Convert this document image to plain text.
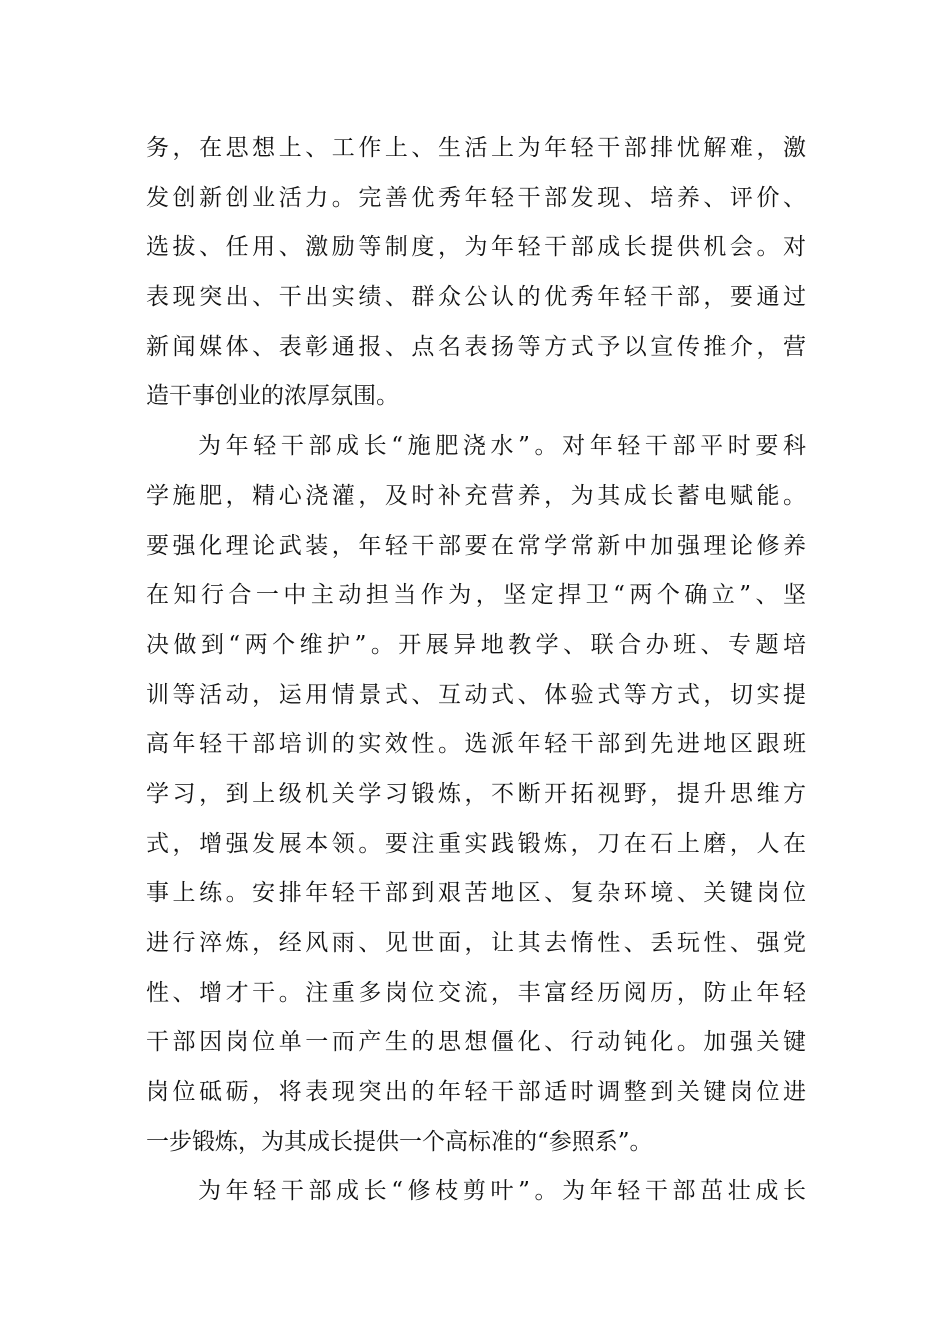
务，在思想上、工作上、生活上为年轻干部排忧解难，激
发创新创业活力。完善优秀年轻干部发现、培养、评价、
选拔、任用、激励等制度，为年轻干部成长提供机会。对
表现突出、干出实绩、群众公认的优秀年轻干部，要通过
新闻媒体、表彰通报、点名表扬等方式予以宣传推介，营
造干事创业的浓厚氛围。
为年轻干部成长“施肥浇水”。对年轻干部平时要科
学施肥，精心浇灌，及时补充营养，为其成长蓄电赋能。
要强化理论武装，年轻干部要在常学常新中加强理论修养
在知行合一中主动担当作为，坚定捍卫“两个确立”、坚
决做到“两个维护”。开展异地教学、联合办班、专题培
训等活动，运用情景式、互动式、体验式等方式，切实提
高年轻干部培训的实效性。选派年轻干部到先进地区跟班
学习，到上级机关学习锻炼，不断开拓视野，提升思维方
式，增强发展本领。要注重实践锻炼，刀在石上磨，人在
事上练。安排年轻干部到艰苦地区、复杂环境、关键岗位
进行淬炼，经风雨、见世面，让其去惰性、丢玩性、强党
性、增才干。注重多岗位交流，丰富经历阅历，防止年轻
干部因岗位单一而产生的思想僵化、行动钝化。加强关键
岗位砥砺，将表现突出的年轻干部适时调整到关键岗位进
一步锻炼，为其成长提供一个高标准的“参照系”。
为年轻干部成长“修枝剪叶”。为年轻干部茁壮成长
